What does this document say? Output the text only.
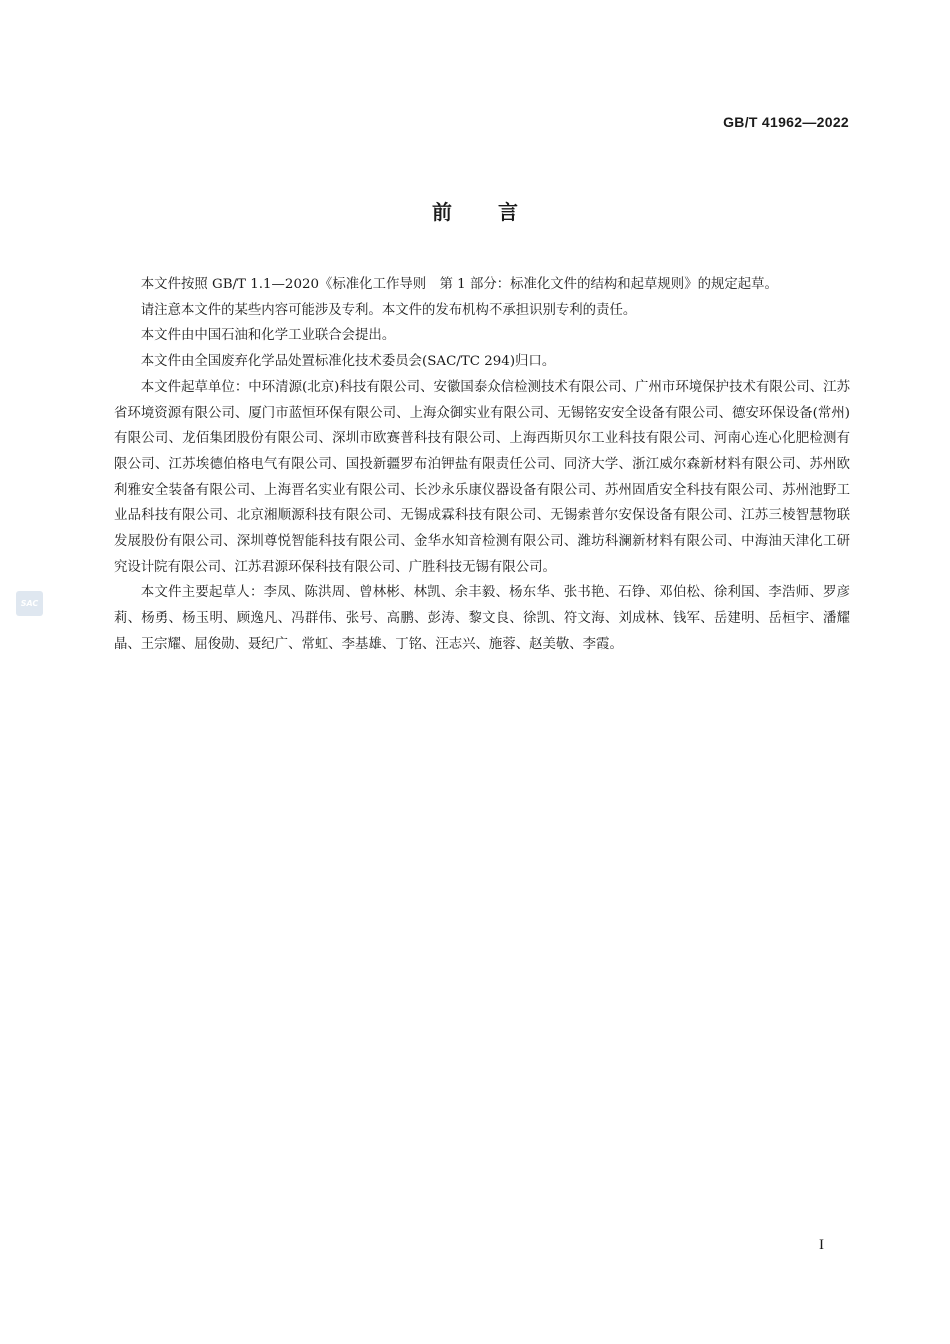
GB/T 41962—2022
前 言

本文件按照 GB/T 1.1—2020《标准化工作导则　第 1 部分：标准化文件的结构和起草规则》的规定起草。

请注意本文件的某些内容可能涉及专利。本文件的发布机构不承担识别专利的责任。

本文件由中国石油和化学工业联合会提出。

本文件由全国废弃化学品处置标准化技术委员会(SAC/TC 294)归口。

本文件起草单位：中环清源(北京)科技有限公司、安徽国泰众信检测技术有限公司、广州市环境保护技术有限公司、江苏省环境资源有限公司、厦门市蓝恒环保有限公司、上海众御实业有限公司、无锡铭安安全设备有限公司、德安环保设备(常州)有限公司、龙佰集团股份有限公司、深圳市欧赛普科技有限公司、上海西斯贝尔工业科技有限公司、河南心连心化肥检测有限公司、江苏埃德伯格电气有限公司、国投新疆罗布泊钾盐有限责任公司、同济大学、浙江威尔森新材料有限公司、苏州欧利雅安全装备有限公司、上海晋名实业有限公司、长沙永乐康仪器设备有限公司、苏州固盾安全科技有限公司、苏州池野工业品科技有限公司、北京湘顺源科技有限公司、无锡成霖科技有限公司、无锡索普尔安保设备有限公司、江苏三棱智慧物联发展股份有限公司、深圳尊悦智能科技有限公司、金华水知音检测有限公司、潍坊科澜新材料有限公司、中海油天津化工研究设计院有限公司、江苏君源环保科技有限公司、广胜科技无锡有限公司。

本文件主要起草人：李凤、陈洪周、曾林彬、林凯、余丰毅、杨东华、张书艳、石铮、邓伯松、徐利国、李浩师、罗彦莉、杨勇、杨玉明、顾逸凡、冯群伟、张号、高鹏、彭涛、黎文良、徐凯、符文海、刘成林、钱军、岳建明、岳桓宇、潘耀晶、王宗耀、屈俊勋、聂纪广、常虹、李基雄、丁铭、汪志兴、施蓉、赵美敬、李霞。

SAC
I
